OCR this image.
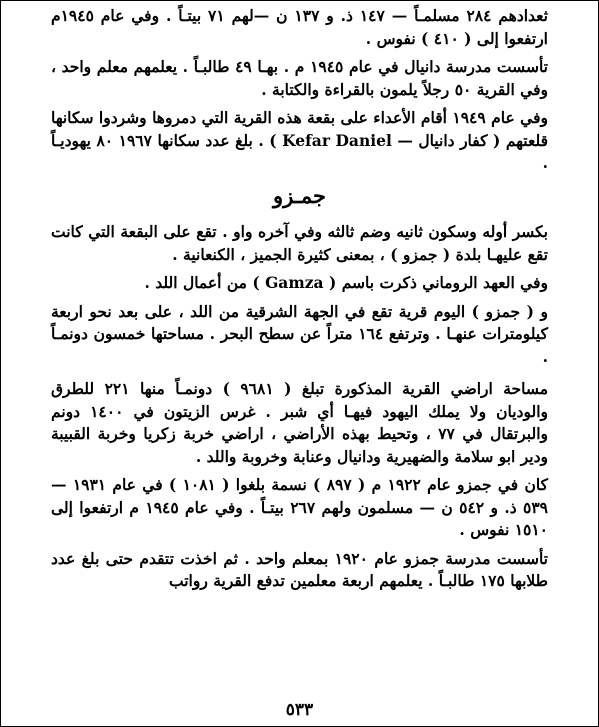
ثعدادهم ٢٨٤ مسلمـاً — ١٤٧ ذ. و ١٣٧ ن —لهم ٧١ بيتـاً . وفي عام ١٩٤٥م ارتفعوا إلى ( ٤١٠ ) نفوس .

تأسست مدرسة دانيال في عام ١٩٤٥ م . بهـا ٤٩ طالبـاً . يعلمهم معلم واحد ، وفي القرية ٥٠ رجلاً يلمون بالقراءة والكتابة .

وفي عام ١٩٤٩ أقام الأعداء على بقعة هذه القرية التي دمروها وشردوا سكانها قلعتهم ( كفار دانيال — Kefar Daniel ) . بلغ عدد سكانها ١٩٦٧ ٨٠ يهوديـاً .

جمـزو

بكسر أوله وسكون ثانيه وضم ثالثه وفي آخره واو . تقع على البقعة التي كانت تقع عليهـا بلدة ( جمزو ) ، بمعنى كثيرة الجميز ، الكنعانية .

وفي العهد الروماني ذكرت باسم ( Gamza ) من أعمال اللد .

و ( جمزو ) اليوم قرية تقع في الجهة الشرقية من اللد ، على بعد نحو اربعة كيلومترات عنهـا . وترتفع ١٦٤ متراً عن سطح البحر . مساحتها خمسون دونمـاً .

مساحة اراضي القرية المذكورة تبلغ ( ٩٦٨١ ) دونمـاً منها ٢٢١ للطرق والوديان ولا يملك اليهود فيهـا أي شبر . غرس الزيتون في ١٤٠٠ دونم والبرتقال في ٧٧ ، وتحيط بهذه الأراضي ، اراضي خربة زكريا وخربة القبيبة ودير ابو سلامة والضهيرية ودانيال وعنابة وخروبة واللد .

كان في جمزو عام ١٩٢٢ م ( ٨٩٧ ) نسمة بلغوا ( ١٠٨١ ) في عام ١٩٣١ — ٥٣٩ ذ. و ٥٤٢ ن — مسلمون ولهم ٢٦٧ بيتـاً . وفي عام ١٩٤٥ م ارتفعوا إلى ١٥١٠ نفوس .

تأسست مدرسة جمزو عام ١٩٢٠ بمعلم واحد . ثم اخذت تتقدم حتى بلغ عدد طلابها ١٧٥ طالبـاً . يعلمهم اربعة معلمين تدفع القرية رواتب

٥٣٣
